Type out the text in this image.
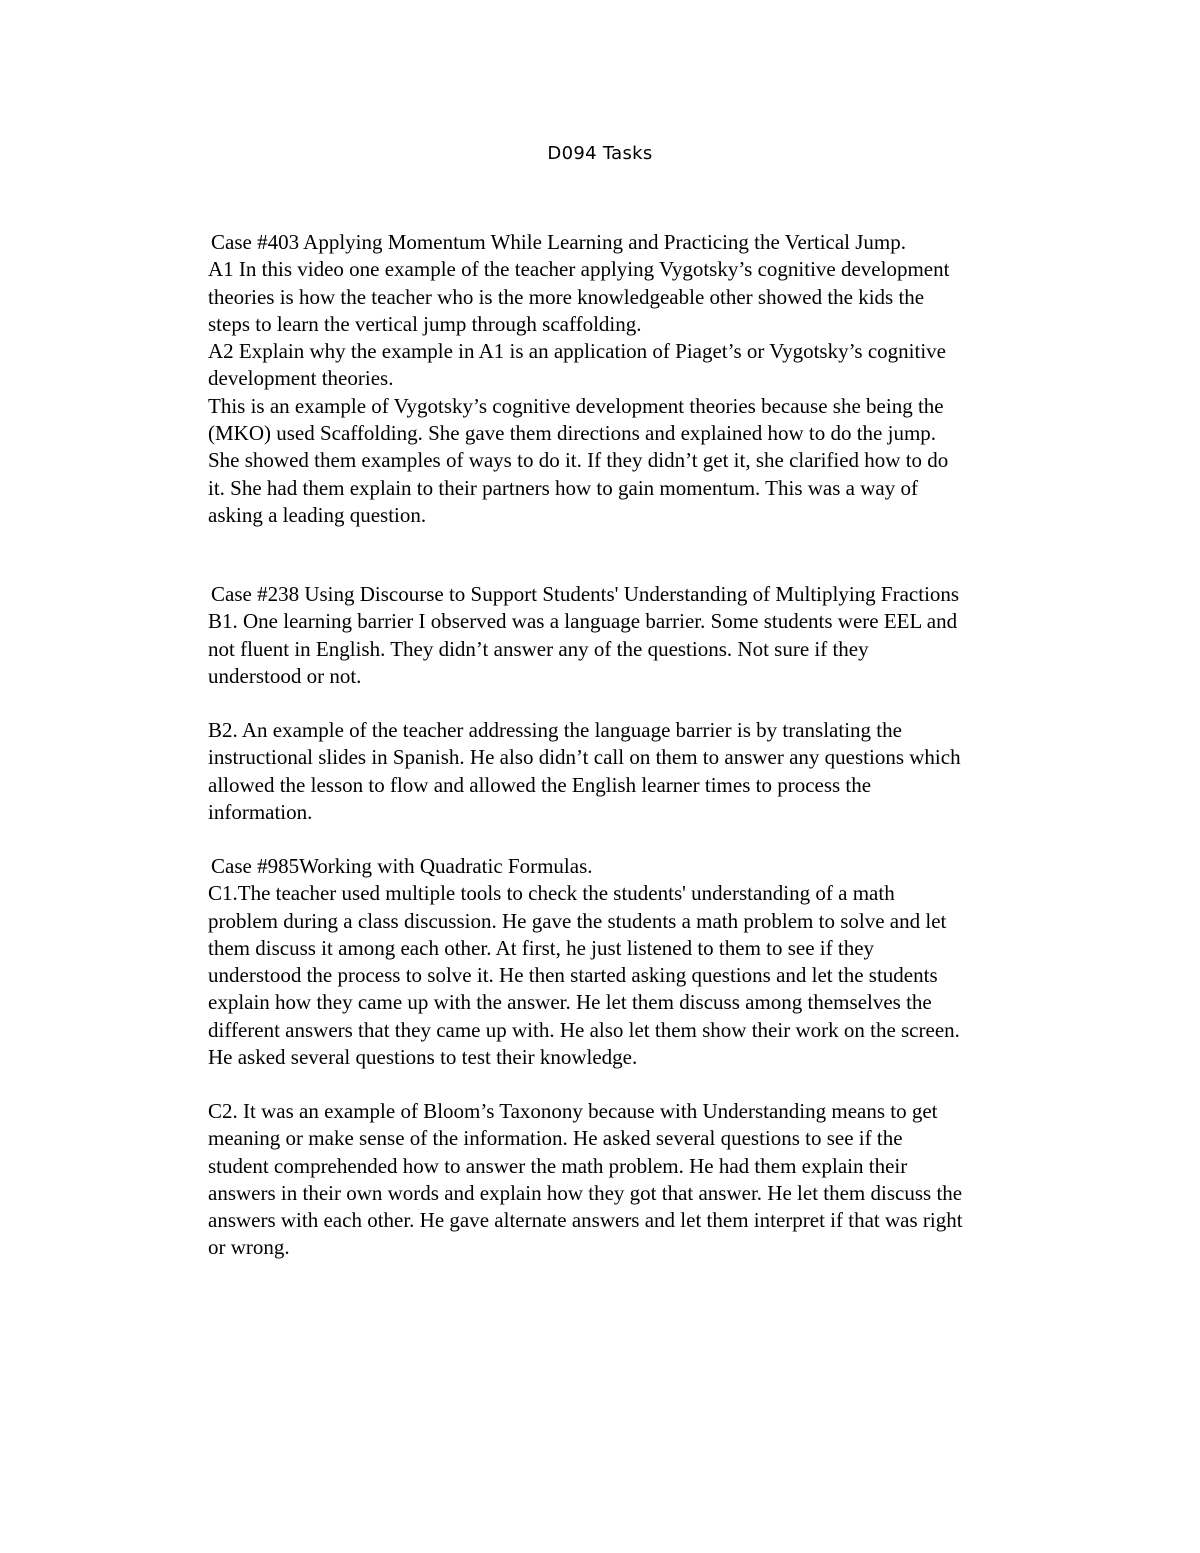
D094 Tasks
Case #403 Applying Momentum While Learning and Practicing the Vertical Jump.
A1 In this video one example of the teacher applying Vygotsky’s cognitive development
theories is how the teacher who is the more knowledgeable other showed the kids the
steps to learn the vertical jump through scaffolding.
A2 Explain why the example in A1 is an application of Piaget’s or Vygotsky’s cognitive
development theories.
This is an example of Vygotsky’s cognitive development theories because she being the
(MKO) used Scaffolding. She gave them directions and explained how to do the jump.
She showed them examples of ways to do it. If they didn’t get it, she clarified how to do
it. She had them explain to their partners how to gain momentum. This was a way of
asking a leading question.
Case #238 Using Discourse to Support Students' Understanding of Multiplying Fractions
B1. One learning barrier I observed was a language barrier. Some students were EEL and
not fluent in English. They didn’t answer any of the questions. Not sure if they
understood or not.
B2. An example of the teacher addressing the language barrier is by translating the
instructional slides in Spanish. He also didn’t call on them to answer any questions which
allowed the lesson to flow and allowed the English learner times to process the
information.
Case #985Working with Quadratic Formulas.
C1.The teacher used multiple tools to check the students' understanding of a math
problem during a class discussion. He gave the students a math problem to solve and let
them discuss it among each other. At first, he just listened to them to see if they
understood the process to solve it. He then started asking questions and let the students
explain how they came up with the answer. He let them discuss among themselves the
different answers that they came up with. He also let them show their work on the screen.
He asked several questions to test their knowledge.
C2. It was an example of Bloom’s Taxonony because with Understanding means to get
meaning or make sense of the information. He asked several questions to see if the
student comprehended how to answer the math problem. He had them explain their
answers in their own words and explain how they got that answer. He let them discuss the
answers with each other. He gave alternate answers and let them interpret if that was right
or wrong.
